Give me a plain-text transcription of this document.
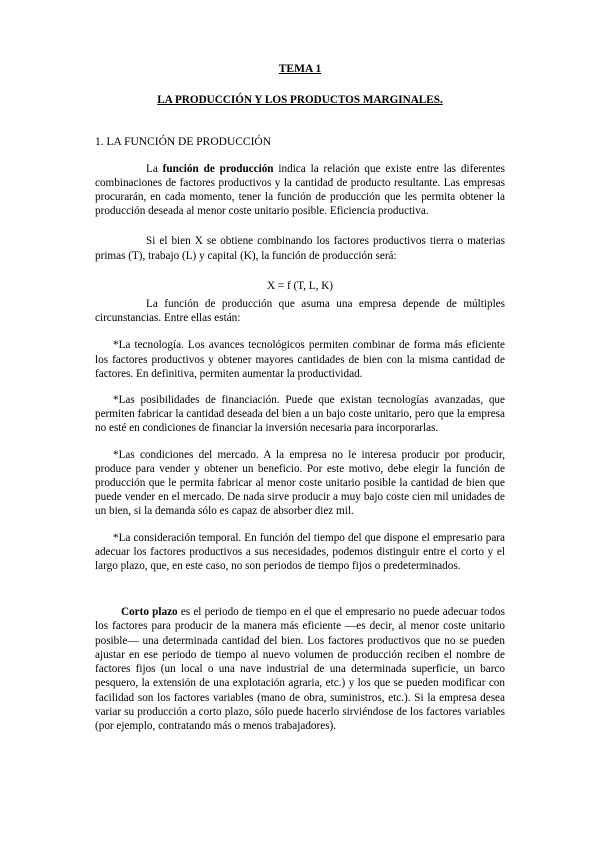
TEMA 1
LA PRODUCCIÓN Y LOS PRODUCTOS MARGINALES.
1. LA FUNCIÓN DE PRODUCCIÓN

La función de producción indica la relación que existe entre las diferentes combinaciones de factores productivos y la cantidad de producto resultante. Las empresas procurarán, en cada momento, tener la función de producción que les permita obtener la producción deseada al menor coste unitario posible. Eficiencia productiva.

Si el bien X se obtiene combinando los factores productivos tierra o materias primas (T), trabajo (L) y capital (K), la función de producción será:

X = f (T, L, K)

La función de producción que asuma una empresa depende de múltiples circunstancias. Entre ellas están:

*La tecnología. Los avances tecnológicos permiten combinar de forma más eficiente los factores productivos y obtener mayores cantidades de bien con la misma cantidad de factores. En definitiva, permiten aumentar la productividad.

*Las posibilidades de financiación. Puede que existan tecnologías avanzadas, que permiten fabricar la cantidad deseada del bien a un bajo coste unitario, pero que la empresa no esté en condiciones de financiar la inversión necesaria para incorporarlas.

*Las condiciones del mercado. A la empresa no le interesa producir por producir, produce para vender y obtener un beneficio. Por este motivo, debe elegir la función de producción que le permita fabricar al menor coste unitario posible la cantidad de bien que puede vender en el mercado. De nada sirve producir a muy bajo coste cien mil unidades de un bien, si la demanda sólo es capaz de absorber diez mil.

*La consideración temporal. En función del tiempo del que dispone el empresario para adecuar los factores productivos a sus necesidades, podemos distinguir entre el corto y el largo plazo, que, en este caso, no son periodos de tiempo fijos o predeterminados.

Corto plazo es el periodo de tiempo en el que el empresario no puede adecuar todos los factores para producir de la manera más eficiente —es decir, al menor coste unitario posible— una determinada cantidad del bien. Los factores productivos que no se pueden ajustar en ese periodo de tiempo al nuevo volumen de producción reciben el nombre de factores fijos (un local o una nave industrial de una determinada superficie, un barco pesquero, la extensión de una explotación agraria, etc.) y los que se pueden modificar con facilidad son los factores variables (mano de obra, suministros, etc.). Si la empresa desea variar su producción a corto plazo, sólo puede hacerlo sirviéndose de los factores variables (por ejemplo, contratando más o menos trabajadores).
